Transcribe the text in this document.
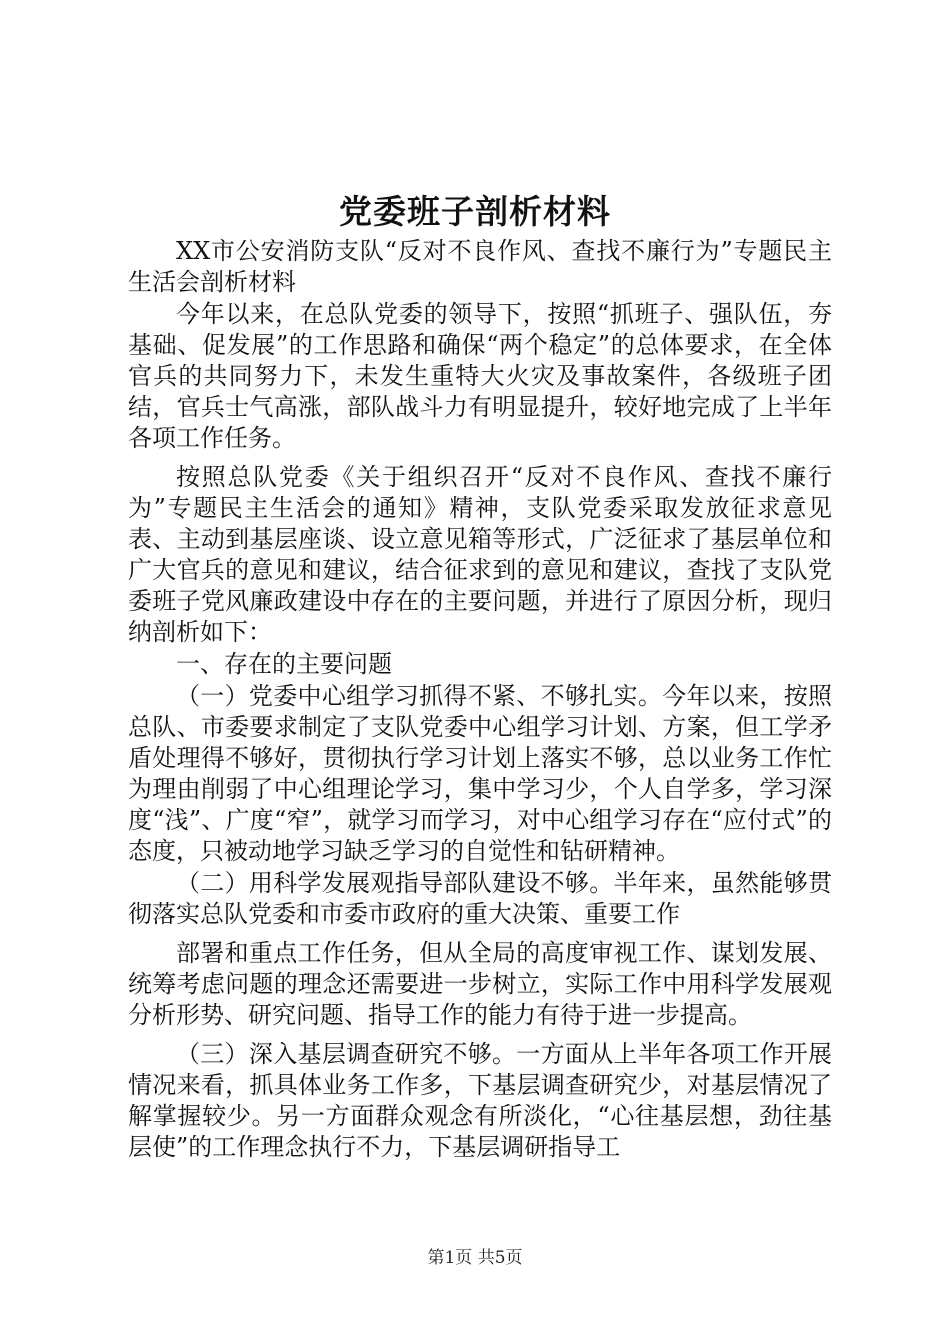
党委班子剖析材料

XX市公安消防支队“反对不良作风、查找不廉行为”专题民主生活会剖析材料

今年以来，在总队党委的领导下，按照“抓班子、强队伍，夯基础、促发展”的工作思路和确保“两个稳定”的总体要求，在全体官兵的共同努力下，未发生重特大火灾及事故案件，各级班子团结，官兵士气高涨，部队战斗力有明显提升，较好地完成了上半年各项工作任务。

按照总队党委《关于组织召开“反对不良作风、查找不廉行为”专题民主生活会的通知》精神，支队党委采取发放征求意见表、主动到基层座谈、设立意见箱等形式，广泛征求了基层单位和广大官兵的意见和建议，结合征求到的意见和建议，查找了支队党委班子党风廉政建设中存在的主要问题，并进行了原因分析，现归纳剖析如下：

一、存在的主要问题

（一）党委中心组学习抓得不紧、不够扎实。今年以来，按照总队、市委要求制定了支队党委中心组学习计划、方案，但工学矛盾处理得不够好，贯彻执行学习计划上落实不够，总以业务工作忙为理由削弱了中心组理论学习，集中学习少，个人自学多，学习深度“浅”、广度“窄”，就学习而学习，对中心组学习存在“应付式”的态度，只被动地学习缺乏学习的自觉性和钻研精神。

（二）用科学发展观指导部队建设不够。半年来，虽然能够贯彻落实总队党委和市委市政府的重大决策、重要工作

部署和重点工作任务，但从全局的高度审视工作、谋划发展、统筹考虑问题的理念还需要进一步树立，实际工作中用科学发展观分析形势、研究问题、指导工作的能力有待于进一步提高。

（三）深入基层调查研究不够。一方面从上半年各项工作开展情况来看，抓具体业务工作多，下基层调查研究少，对基层情况了解掌握较少。另一方面群众观念有所淡化，“心往基层想，劲往基层使”的工作理念执行不力，下基层调研指导工

第1页 共5页
